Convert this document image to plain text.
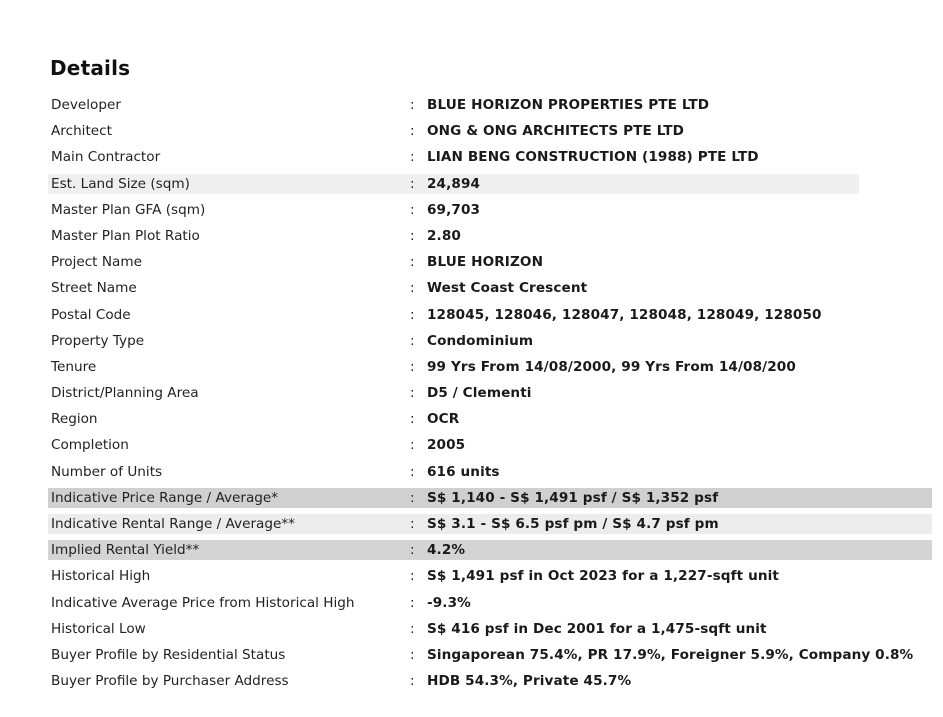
Details
Developer	: BLUE HORIZON PROPERTIES PTE LTD
Architect	: ONG & ONG ARCHITECTS PTE LTD
Main Contractor	: LIAN BENG CONSTRUCTION (1988) PTE LTD
Est. Land Size (sqm)	: 24,894
Master Plan GFA (sqm)	: 69,703
Master Plan Plot Ratio	: 2.80
Project Name	: BLUE HORIZON
Street Name	: West Coast Crescent
Postal Code	: 128045, 128046, 128047, 128048, 128049, 128050
Property Type	: Condominium
Tenure	: 99 Yrs From 14/08/2000, 99 Yrs From 14/08/200
District/Planning Area	: D5 / Clementi
Region	: OCR
Completion	: 2005
Number of Units	: 616 units
Indicative Price Range / Average*	: S$ 1,140 - S$ 1,491 psf / S$ 1,352 psf
Indicative Rental Range / Average**	: S$ 3.1 - S$ 6.5 psf pm / S$ 4.7 psf pm
Implied Rental Yield**	: 4.2%
Historical High	: S$ 1,491 psf in Oct 2023 for a 1,227-sqft unit
Indicative Average Price from Historical High	: -9.3%
Historical Low	: S$ 416 psf in Dec 2001 for a 1,475-sqft unit
Buyer Profile by Residential Status	: Singaporean 75.4%, PR 17.9%, Foreigner 5.9%, Company 0.8%
Buyer Profile by Purchaser Address	: HDB 54.3%, Private 45.7%
